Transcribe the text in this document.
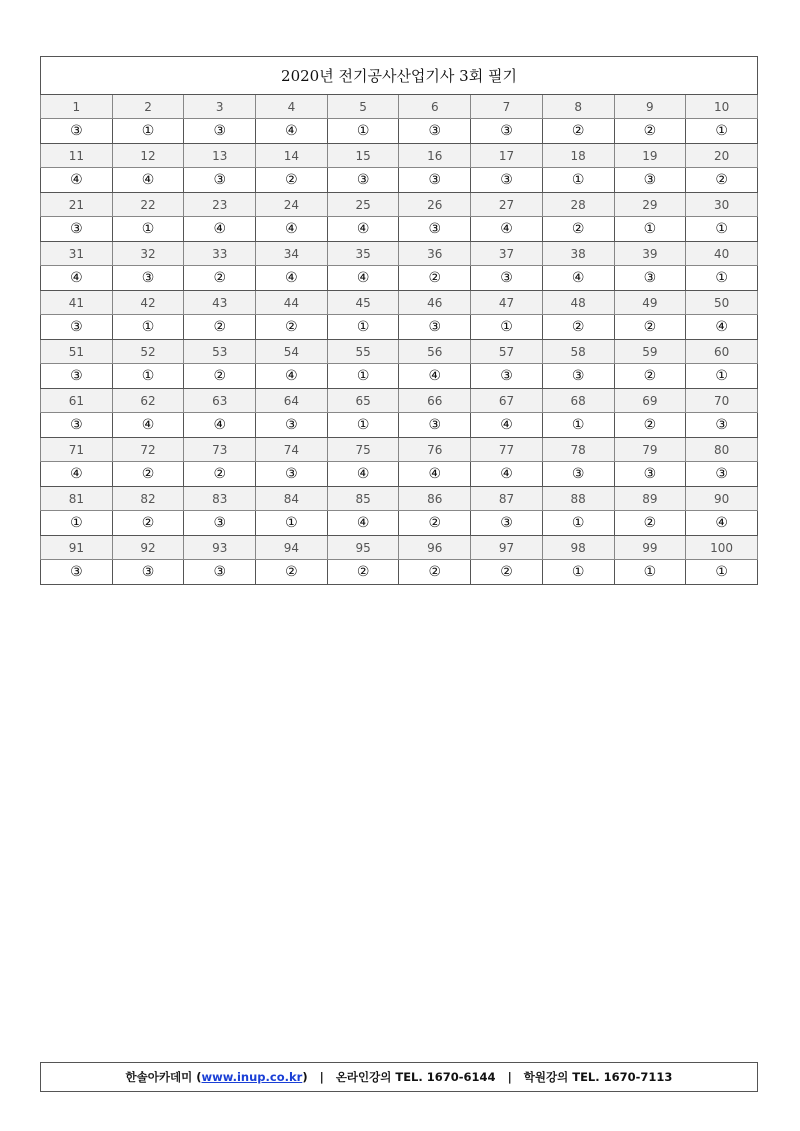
2020년 전기공사산업기사 3회 필기									
1	2	3	4	5	6	7	8	9	10
③	①	③	④	①	③	③	②	②	①
11	12	13	14	15	16	17	18	19	20
④	④	③	②	③	③	③	①	③	②
21	22	23	24	25	26	27	28	29	30
③	①	④	④	④	③	④	②	①	①
31	32	33	34	35	36	37	38	39	40
④	③	②	④	④	②	③	④	③	①
41	42	43	44	45	46	47	48	49	50
③	①	②	②	①	③	①	②	②	④
51	52	53	54	55	56	57	58	59	60
③	①	②	④	①	④	③	③	②	①
61	62	63	64	65	66	67	68	69	70
③	④	④	③	①	③	④	①	②	③
71	72	73	74	75	76	77	78	79	80
④	②	②	③	④	④	④	③	③	③
81	82	83	84	85	86	87	88	89	90
①	②	③	①	④	②	③	①	②	④
91	92	93	94	95	96	97	98	99	100
③	③	③	②	②	②	②	①	①	①
한솔아카데미 (www.inup.co.kr) | 온라인강의 TEL. 1670-6144 | 학원강의 TEL. 1670-7113
